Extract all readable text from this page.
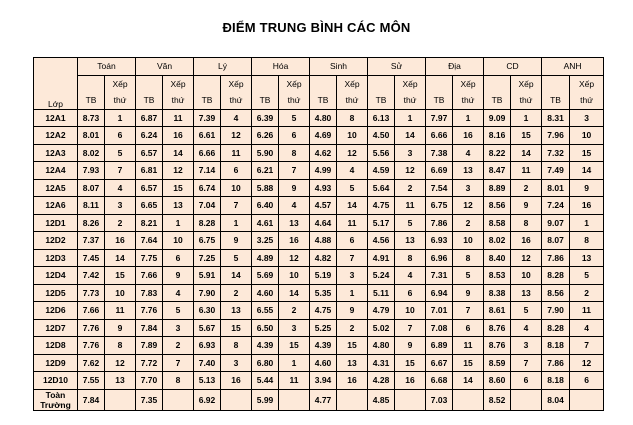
ĐIỂM TRUNG BÌNH CÁC MÔN
Lớp	Toán		Văn		Lý		Hóa		Sinh		Sử		Địa		CD		ANH	
		Xếp		Xếp		Xếp		Xếp		Xếp		Xếp		Xếp		Xếp		Xếp
	TB	thứ	TB	thứ	TB	thứ	TB	thứ	TB	thứ	TB	thứ	TB	thứ	TB	thứ	TB	thứ
12A1	8.73	1	6.87	11	7.39	4	6.39	5	4.80	8	6.13	1	7.97	1	9.09	1	8.31	3
12A2	8.01	6	6.24	16	6.61	12	6.26	6	4.69	10	4.50	14	6.66	16	8.16	15	7.96	10
12A3	8.02	5	6.57	14	6.66	11	5.90	8	4.62	12	5.56	3	7.38	4	8.22	14	7.32	15
12A4	7.93	7	6.81	12	7.14	6	6.21	7	4.99	4	4.59	12	6.69	13	8.47	11	7.49	14
12A5	8.07	4	6.57	15	6.74	10	5.88	9	4.93	5	5.64	2	7.54	3	8.89	2	8.01	9
12A6	8.11	3	6.65	13	7.04	7	6.40	4	4.57	14	4.75	11	6.75	12	8.56	9	7.24	16
12D1	8.26	2	8.21	1	8.28	1	4.61	13	4.64	11	5.17	5	7.86	2	8.58	8	9.07	1
12D2	7.37	16	7.64	10	6.75	9	3.25	16	4.88	6	4.56	13	6.93	10	8.02	16	8.07	8
12D3	7.45	14	7.75	6	7.25	5	4.89	12	4.82	7	4.91	8	6.96	8	8.40	12	7.86	13
12D4	7.42	15	7.66	9	5.91	14	5.69	10	5.19	3	5.24	4	7.31	5	8.53	10	8.28	5
12D5	7.73	10	7.83	4	7.90	2	4.60	14	5.35	1	5.11	6	6.94	9	8.38	13	8.56	2
12D6	7.66	11	7.76	5	6.30	13	6.55	2	4.75	9	4.79	10	7.01	7	8.61	5	7.90	11
12D7	7.76	9	7.84	3	5.67	15	6.50	3	5.25	2	5.02	7	7.08	6	8.76	4	8.28	4
12D8	7.76	8	7.89	2	6.93	8	4.39	15	4.39	15	4.80	9	6.89	11	8.76	3	8.18	7
12D9	7.62	12	7.72	7	7.40	3	6.80	1	4.60	13	4.31	15	6.67	15	8.59	7	7.86	12
12D10	7.55	13	7.70	8	5.13	16	5.44	11	3.94	16	4.28	16	6.68	14	8.60	6	8.18	6
Toàn
Trường	7.84		7.35		6.92		5.99		4.77		4.85		7.03		8.52		8.04	
